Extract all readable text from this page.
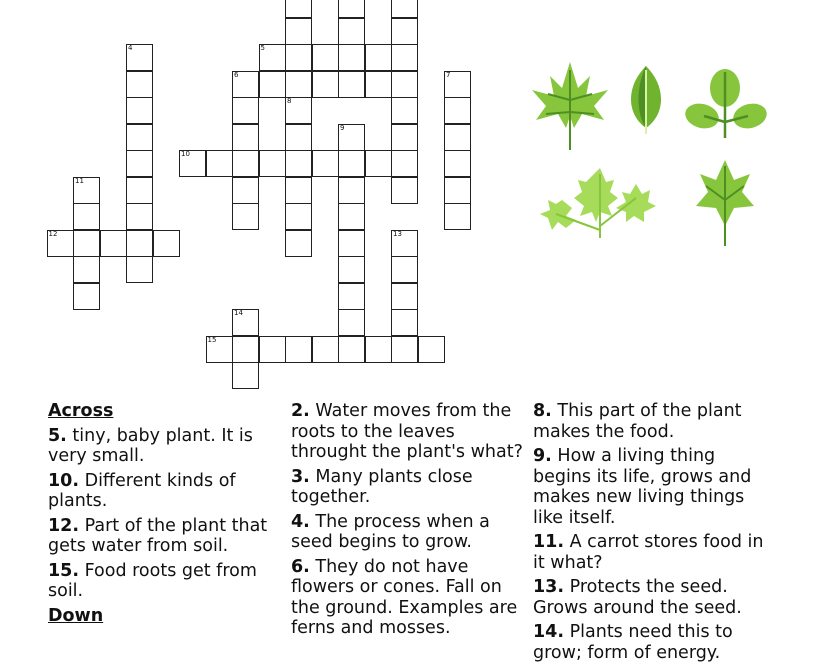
4	5
6	7
8
9
10
11
12	13
14
15
Across
5. tiny, baby plant. It is very small.
10. Different kinds of plants.
12. Part of the plant that gets water from soil.
15. Food roots get from soil.
Down
2. Water moves from the roots to the leaves throught the plant's what?
3. Many plants close together.
4. The process when a seed begins to grow.
6. They do not have flowers or cones. Fall on the ground. Examples are ferns and mosses.
8. This part of the plant makes the food.
9. How a living thing begins its life, grows and makes new living things like itself.
11. A carrot stores food in it what?
13. Protects the seed. Grows around the seed.
14. Plants need this to grow; form of energy.
